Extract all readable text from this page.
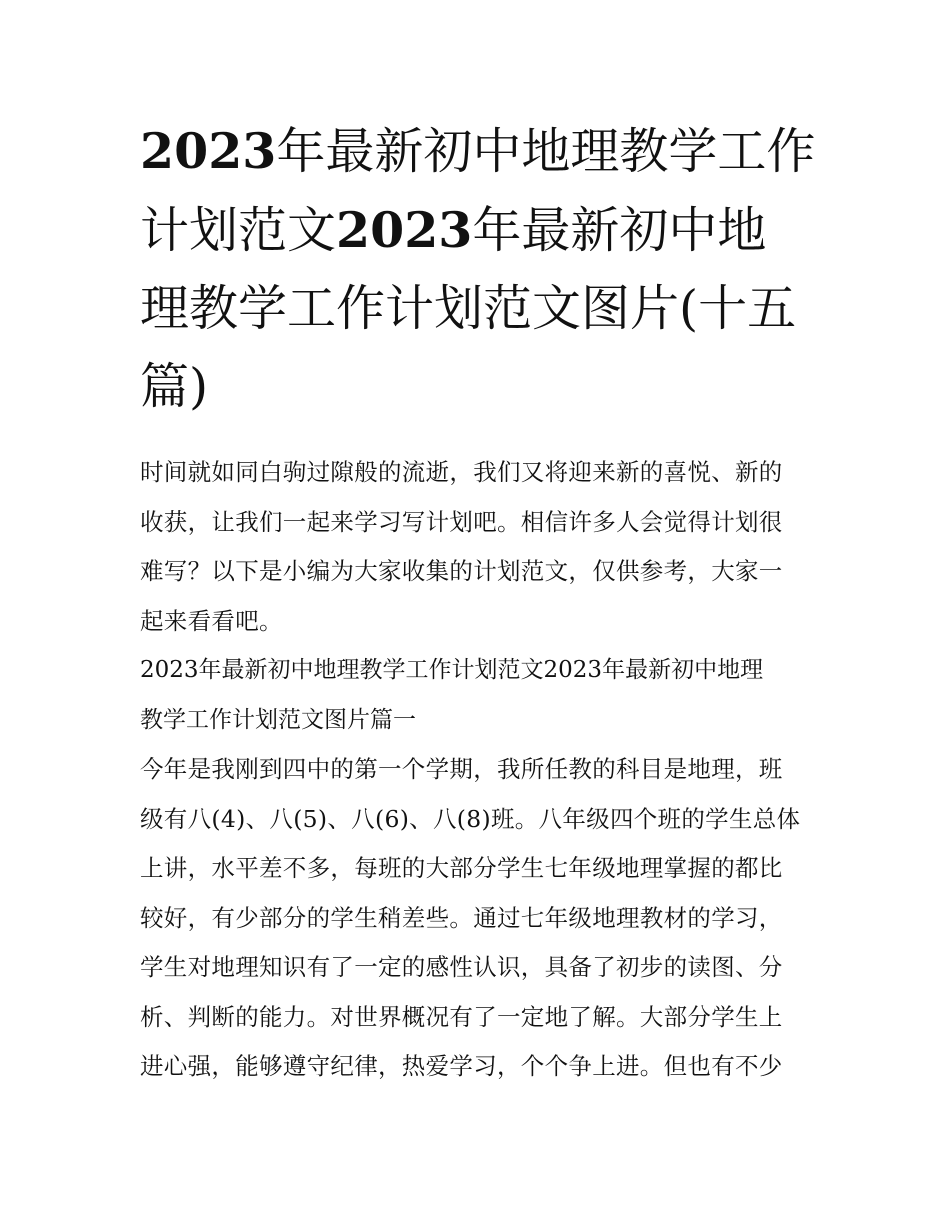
2023年最新初中地理教学工作
计划范文2023年最新初中地
理教学工作计划范文图片(十五
篇)

时间就如同白驹过隙般的流逝，我们又将迎来新的喜悦、新的
收获，让我们一起来学习写计划吧。相信许多人会觉得计划很
难写？以下是小编为大家收集的计划范文，仅供参考，大家一
起来看看吧。

2023年最新初中地理教学工作计划范文2023年最新初中地理
教学工作计划范文图片篇一

今年是我刚到四中的第一个学期，我所任教的科目是地理，班
级有八(4)、八(5)、八(6)、八(8)班。八年级四个班的学生总体
上讲，水平差不多，每班的大部分学生七年级地理掌握的都比
较好，有少部分的学生稍差些。通过七年级地理教材的学习，
学生对地理知识有了一定的感性认识，具备了初步的读图、分
析、判断的能力。对世界概况有了一定地了解。大部分学生上
进心强，能够遵守纪律，热爱学习，个个争上进。但也有不少
